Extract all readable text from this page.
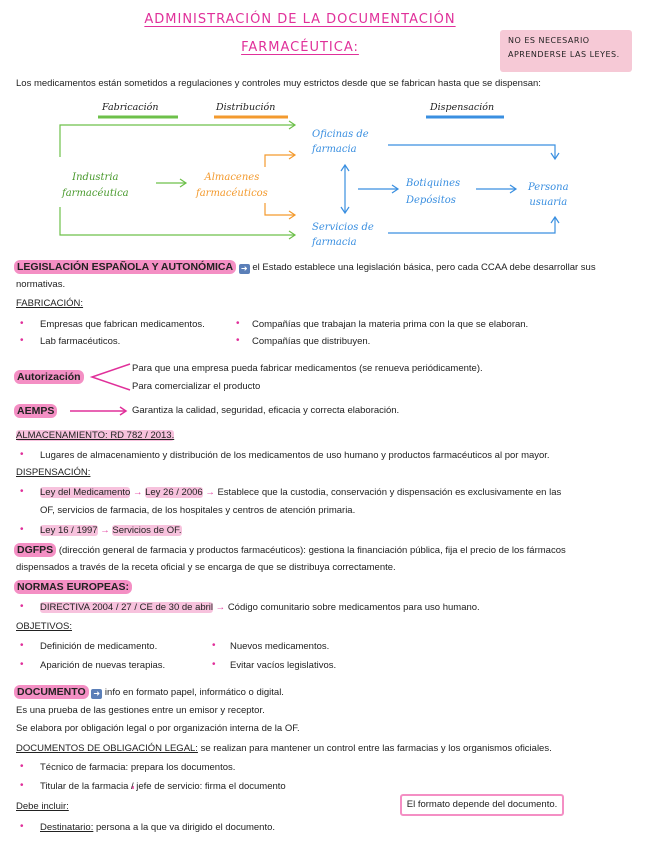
ADMINISTRACIÓN DE LA DOCUMENTACIÓN
FARMACÉUTICA:	NO ES NECESARIO APRENDERSE LAS LEYES.
Los medicamentos están sometidos a regulaciones y controles muy estrictos desde que se fabrican hasta que se dispensan:
Fabricación	Distribución	Dispensación
Industria
farmacéutica
Almacenes
farmacéuticos
Oficinas de
farmacia
Servicios de
farmacia
Botiquines
Depósitos
Persona
usuaria
LEGISLACIÓN ESPAÑOLA Y AUTONÓMICA ➜ el Estado establece una legislación básica, pero cada CCAA debe desarrollar sus
normativas.
FABRICACIÓN:
• Empresas que fabrican medicamentos.
• Lab farmacéuticos.
• Compañías que trabajan la materia prima con la que se elaboran.
• Compañías que distribuyen.
Autorización
Para que una empresa pueda fabricar medicamentos (se renueva periódicamente).
Para comercializar el producto
AEMPS	Garantiza la calidad, seguridad, eficacia y correcta elaboración.
ALMACENAMIENTO: RD 782 / 2013.
• Lugares de almacenamiento y distribución de los medicamentos de uso humano y productos farmacéuticos al por mayor.
DISPENSACIÓN:
• Ley del Medicamento → Ley 26 / 2006 → Establece que la custodia, conservación y dispensación es exclusivamente en las
OF, servicios de farmacia, de los hospitales y centros de atención primaria.
• Ley 16 / 1997 → Servicios de OF.
DGFPS (dirección general de farmacia y productos farmacéuticos): gestiona la financiación pública, fija el precio de los fármacos
dispensados a través de la receta oficial y se encarga de que se distribuya correctamente.
NORMAS EUROPEAS:
• DIRECTIVA 2004 / 27 / CE de 30 de abril → Código comunitario sobre medicamentos para uso humano.
OBJETIVOS:
• Definición de medicamento.
• Aparición de nuevas terapias.
• Nuevos medicamentos.
• Evitar vacíos legislativos.
DOCUMENTO ➜ info en formato papel, informático o digital.
Es una prueba de las gestiones entre un emisor y receptor.
Se elabora por obligación legal o por organización interna de la OF.
DOCUMENTOS DE OBLIGACIÓN LEGAL: se realizan para mantener un control entre las farmacias y los organismos oficiales.
• Técnico de farmacia: prepara los documentos.
• Titular de la farmacia / jefe de servicio: firma el documento
Debe incluir:
• Destinatario: persona a la que va dirigido el documento.
El formato depende del documento.
